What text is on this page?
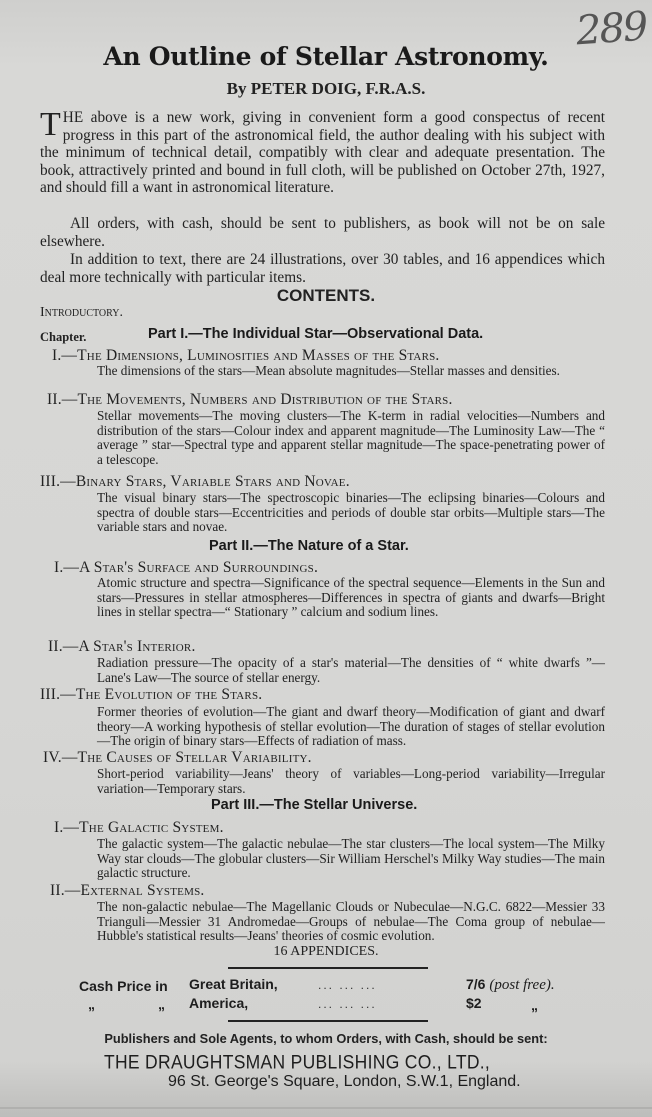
289
An Outline of Stellar Astronomy.
By PETER DOIG, F.R.A.S.
THE above is a new work, giving in convenient form a good conspectus of recent progress in this part of the astronomical field, the author dealing with his subject with the minimum of technical detail, compatibly with clear and adequate presentation. The book, attractively printed and bound in full cloth, will be published on October 27th, 1927, and should fill a want in astronomical literature.
All orders, with cash, should be sent to publishers, as book will not be on sale elsewhere.
In addition to text, there are 24 illustrations, over 30 tables, and 16 appendices which deal more technically with particular items.
CONTENTS.
Introductory.
Chapter.	Part I.—The Individual Star—Observational Data.
I.—The Dimensions, Luminosities and Masses of the Stars.
The dimensions of the stars—Mean absolute magnitudes—Stellar masses and densities.
II.—The Movements, Numbers and Distribution of the Stars.
Stellar movements—The moving clusters—The K-term in radial velocities—Numbers and distribution of the stars—Colour index and apparent magnitude—The Luminosity Law—The “ average ” star—Spectral type and apparent stellar magnitude—The space-penetrating power of a telescope.
III.—Binary Stars, Variable Stars and Novae.
The visual binary stars—The spectroscopic binaries—The eclipsing binaries—Colours and spectra of double stars—Eccentricities and periods of double star orbits—Multiple stars—The variable stars and novae.
Part II.—The Nature of a Star.
I.—A Star's Surface and Surroundings.
Atomic structure and spectra—Significance of the spectral sequence—Elements in the Sun and stars—Pressures in stellar atmospheres—Differences in spectra of giants and dwarfs—Bright lines in stellar spectra—“ Stationary ” calcium and sodium lines.
II.—A Star's Interior.
Radiation pressure—The opacity of a star's material—The densities of “ white dwarfs ”—Lane's Law—The source of stellar energy.
III.—The Evolution of the Stars.
Former theories of evolution—The giant and dwarf theory—Modification of giant and dwarf theory—A working hypothesis of stellar evolution—The duration of stages of stellar evolution—The origin of binary stars—Effects of radiation of mass.
IV.—The Causes of Stellar Variability.
Short-period variability—Jeans' theory of variables—Long-period variability—Irregular variation—Temporary stars.
Part III.—The Stellar Universe.
I.—The Galactic System.
The galactic system—The galactic nebulae—The star clusters—The local system—The Milky Way star clouds—The globular clusters—Sir William Herschel's Milky Way studies—The main galactic structure.
II.—External Systems.
The non-galactic nebulae—The Magellanic Clouds or Nubeculae—N.G.C. 6822—Messier 33 Trianguli—Messier 31 Andromedae—Groups of nebulae—The Coma group of nebulae—Hubble's statistical results—Jeans' theories of cosmic evolution.
16 APPENDICES.
Cash Price in Great Britain,	... ... ...	7/6 (post free).
„	„ America,	... ... ...	$2	„
Publishers and Sole Agents, to whom Orders, with Cash, should be sent:
THE DRAUGHTSMAN PUBLISHING CO., LTD.,
96 St. George's Square, London, S.W.1, England.
